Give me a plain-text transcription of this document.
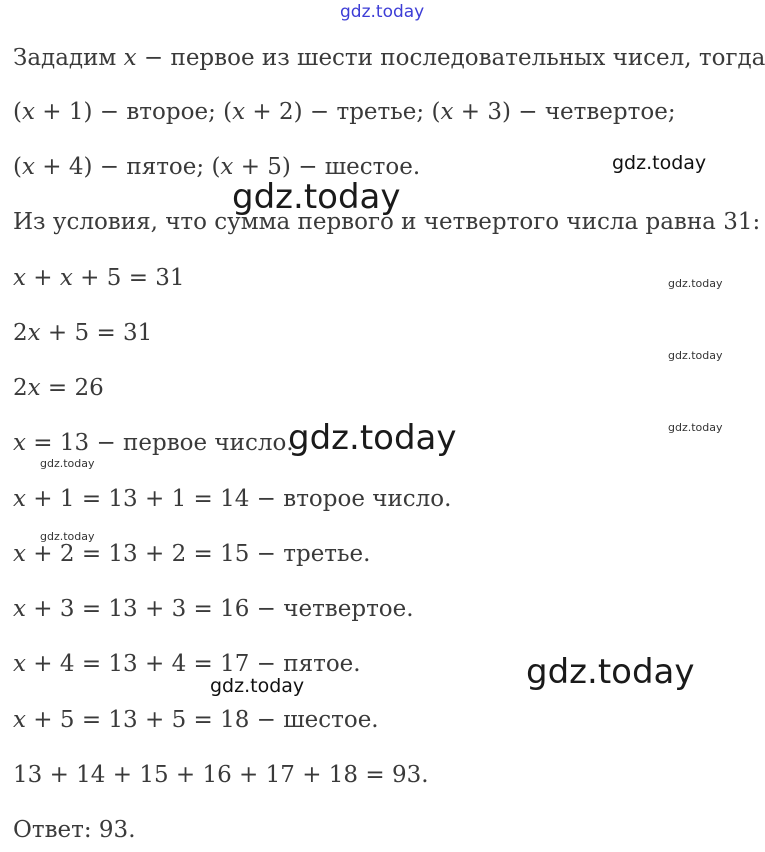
Зададим x − первое из шести последовательных чисел, тогда
(x + 1) − второе; (x + 2) − третье; (x + 3) − четвертое;
(x + 4) − пятое; (x + 5) − шестое.
Из условия, что сумма первого и четвертого числа равна 31:
x + x + 5 = 31
2x + 5 = 31
2x = 26
x = 13 − первое число.
x + 1 = 13 + 1 = 14 − второе число.
x + 2 = 13 + 2 = 15 − третье.
x + 3 = 13 + 3 = 16 − четвертое.
x + 4 = 13 + 4 = 17 − пятое.
x + 5 = 13 + 5 = 18 − шестое.
13 + 14 + 15 + 16 + 17 + 18 = 93.
Ответ: 93.
gdz.today
gdz.today
gdz.today
gdz.today
gdz.today
gdz.today
gdz.today
gdz.today
gdz.today
gdz.today
gdz.today
